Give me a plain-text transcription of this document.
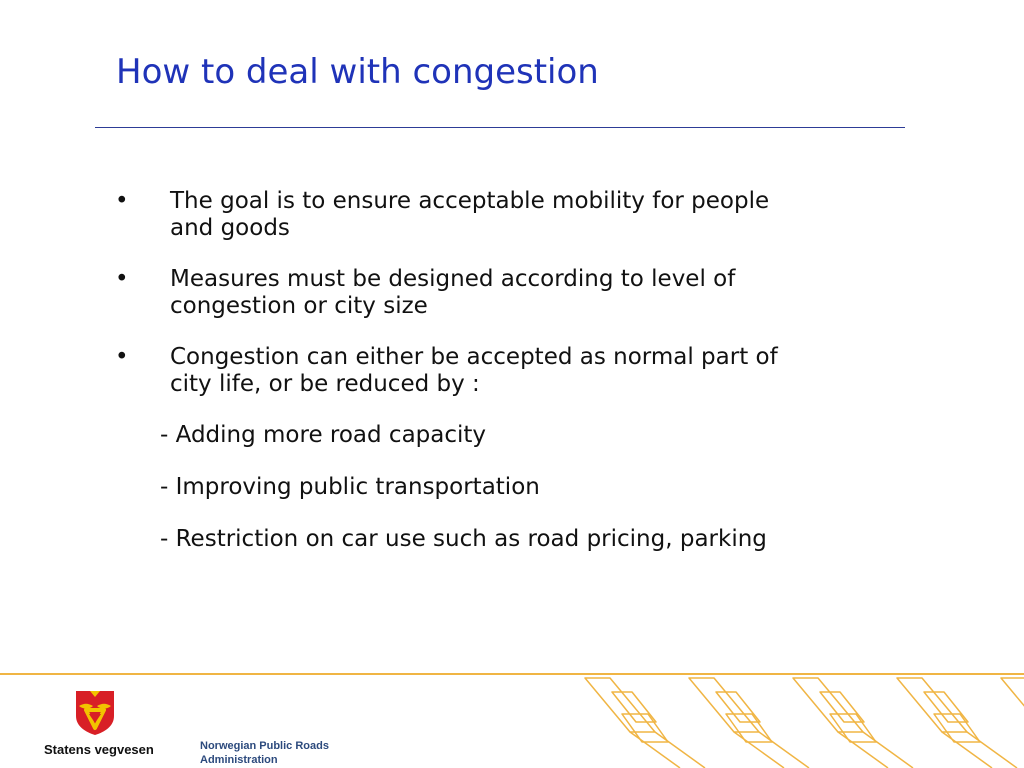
How to deal with congestion
• The goal is to ensure acceptable mobility for people
and goods
• Measures must be designed according to level of
congestion or city size
• Congestion can either be accepted as normal part of
city life, or be reduced by :
- Adding more road capacity
- Improving public transportation
- Restriction on car use such as road pricing, parking
Statens vegvesen	Norwegian Public Roads
Administration
